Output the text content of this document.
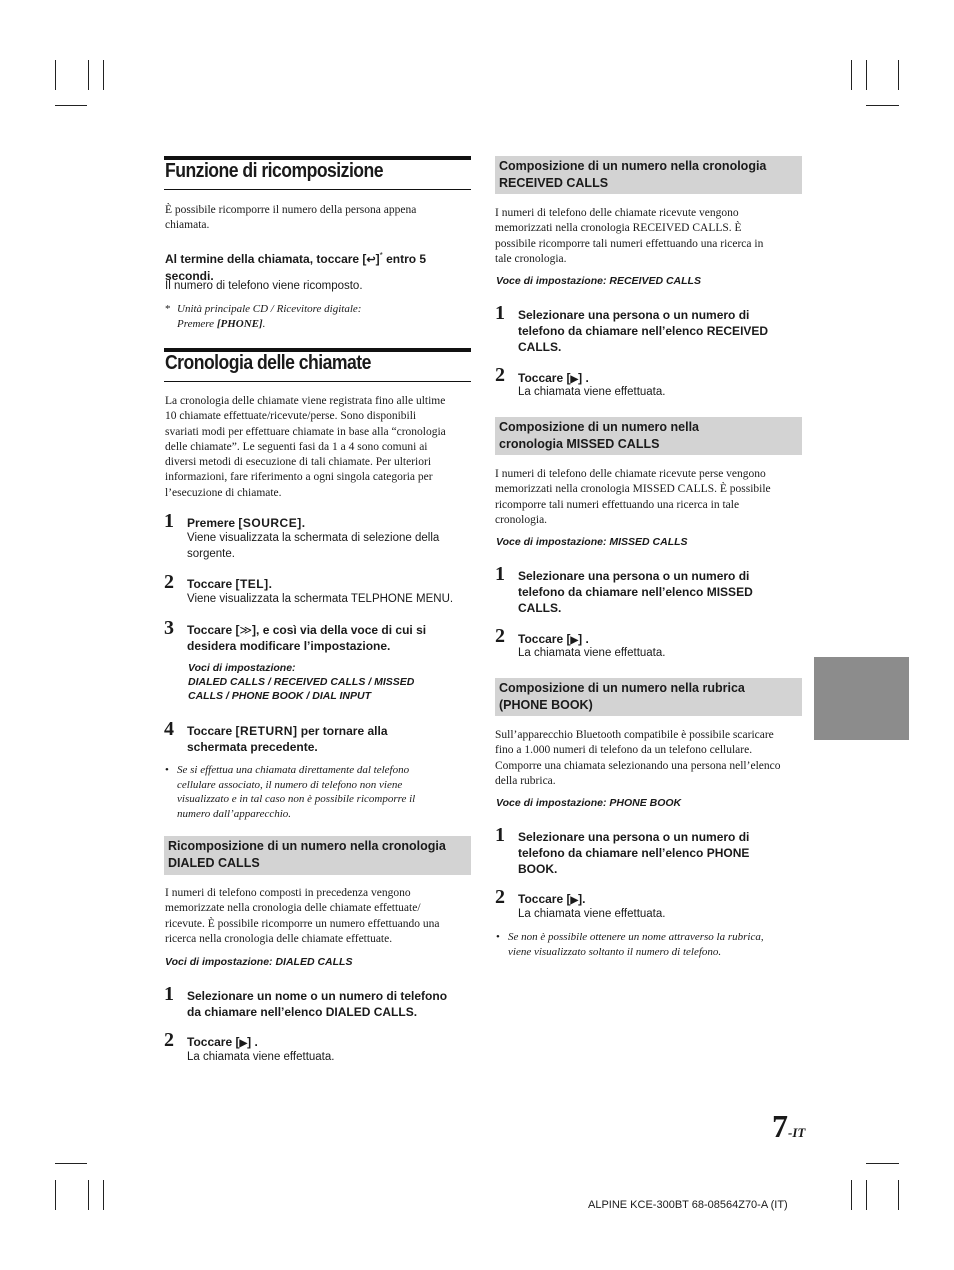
Funzione di ricomposizione
È possibile ricomporre il numero della persona appena
chiamata.
Al termine della chiamata, toccare [↩]* entro 5
secondi.
Il numero di telefono viene ricomposto.
* Unità principale CD / Ricevitore digitale:
Premere [PHONE].
Cronologia delle chiamate
La cronologia delle chiamate viene registrata fino alle ultime
10 chiamate effettuate/ricevute/perse. Sono disponibili
svariati modi per effettuare chiamate in base alla “cronologia
delle chiamate”. Le seguenti fasi da 1 a 4 sono comuni ai
diversi metodi di esecuzione di tali chiamate. Per ulteriori
informazioni, fare riferimento a ogni singola categoria per
l’esecuzione di chiamate.
1 Premere [SOURCE].
Viene visualizzata la schermata di selezione della
sorgente.
2 Toccare [TEL].
Viene visualizzata la schermata TELPHONE MENU.
3 Toccare [≫], e così via della voce di cui si
desidera modificare l’impostazione.
Voci di impostazione:
DIALED CALLS / RECEIVED CALLS / MISSED
CALLS / PHONE BOOK / DIAL INPUT
4 Toccare [RETURN] per tornare alla
schermata precedente.
• Se si effettua una chiamata direttamente dal telefono
cellulare associato, il numero di telefono non viene
visualizzato e in tal caso non è possibile ricomporre il
numero dall’apparecchio.
Ricomposizione di un numero nella cronologia
DIALED CALLS
I numeri di telefono composti in precedenza vengono
memorizzate nella cronologia delle chiamate effettuate/
ricevute. È possibile ricomporre un numero effettuando una
ricerca nella cronologia delle chiamate effettuate.
Voci di impostazione: DIALED CALLS
1 Selezionare un nome o un numero di telefono
da chiamare nell’elenco DIALED CALLS.
2 Toccare [▶] .
La chiamata viene effettuata.
Composizione di un numero nella cronologia
RECEIVED CALLS
I numeri di telefono delle chiamate ricevute vengono
memorizzati nella cronologia RECEIVED CALLS. È
possibile ricomporre tali numeri effettuando una ricerca in
tale cronologia.
Voce di impostazione: RECEIVED CALLS
1 Selezionare una persona o un numero di
telefono da chiamare nell’elenco RECEIVED
CALLS.
2 Toccare [▶] .
La chiamata viene effettuata.
Composizione di un numero nella
cronologia MISSED CALLS
I numeri di telefono delle chiamate ricevute perse vengono
memorizzati nella cronologia MISSED CALLS. È possibile
ricomporre tali numeri effettuando una ricerca in tale
cronologia.
Voce di impostazione: MISSED CALLS
1 Selezionare una persona o un numero di
telefono da chiamare nell’elenco MISSED
CALLS.
2 Toccare [▶] .
La chiamata viene effettuata.
Composizione di un numero nella rubrica
(PHONE BOOK)
Sull’apparecchio Bluetooth compatibile è possibile scaricare
fino a 1.000 numeri di telefono da un telefono cellulare.
Comporre una chiamata selezionando una persona nell’elenco
della rubrica.
Voce di impostazione: PHONE BOOK
1 Selezionare una persona o un numero di
telefono da chiamare nell’elenco PHONE
BOOK.
2 Toccare [▶].
La chiamata viene effettuata.
• Se non è possibile ottenere un nome attraverso la rubrica,
viene visualizzato soltanto il numero di telefono.
7-IT
ALPINE KCE-300BT 68-08564Z70-A (IT)
